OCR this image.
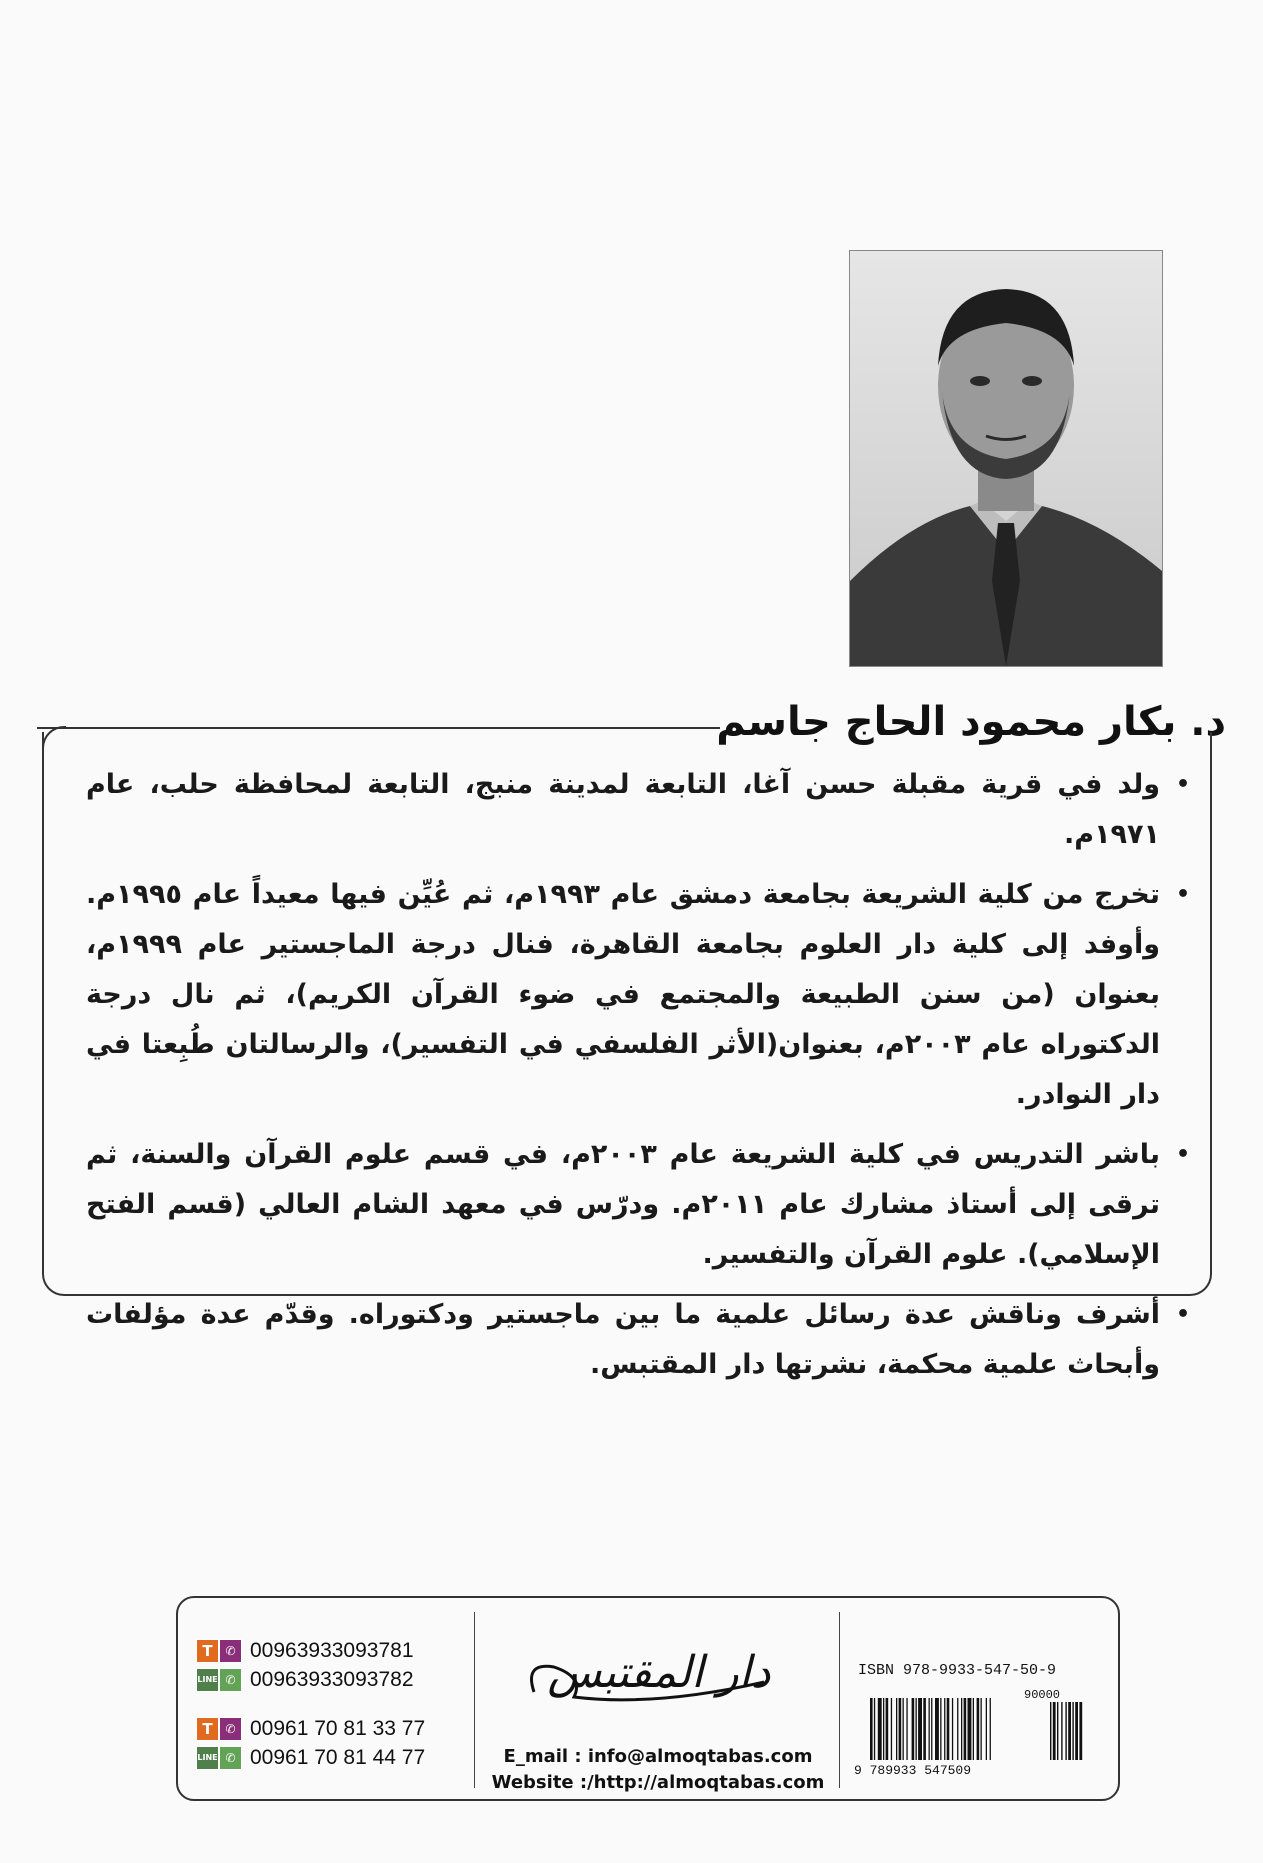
د. بكار محمود الحاج جاسم
•
ولد في قرية مقبلة حسن آغا، التابعة لمدينة منبج، التابعة لمحافظة حلب، عام ١٩٧١م.
•
تخرج من كلية الشريعة بجامعة دمشق عام ١٩٩٣م، ثم عُيِّن فيها معيداً عام ١٩٩٥م. وأوفد إلى كلية دار العلوم بجامعة القاهرة، فنال درجة الماجستير عام ١٩٩٩م، بعنوان (من سنن الطبيعة والمجتمع في ضوء القرآن الكريم)، ثم نال درجة الدكتوراه عام ٢٠٠٣م، بعنوان(الأثر الفلسفي في التفسير)، والرسالتان طُبِعتا في دار النوادر.
•
باشر التدريس في كلية الشريعة عام ٢٠٠٣م، في قسم علوم القرآن والسنة، ثم ترقى إلى أستاذ مشارك عام ٢٠١١م. ودرّس في معهد الشام العالي (قسم الفتح الإسلامي). علوم القرآن والتفسير.
•
أشرف وناقش عدة رسائل علمية ما بين ماجستير ودكتوراه. وقدّم عدة مؤلفات وأبحاث علمية محكمة، نشرتها دار المقتبس.
T	✆ 00963933093781
LINE ✆ 00963933093782
T	✆ 00961 70 81 33 77
LINE ✆ 00961 70 81 44 77
دار المقتبس
E_mail : info@almoqtabas.com
Website :/http://almoqtabas.com
ISBN 978-9933-547-50-9
90000
9 789933 547509
